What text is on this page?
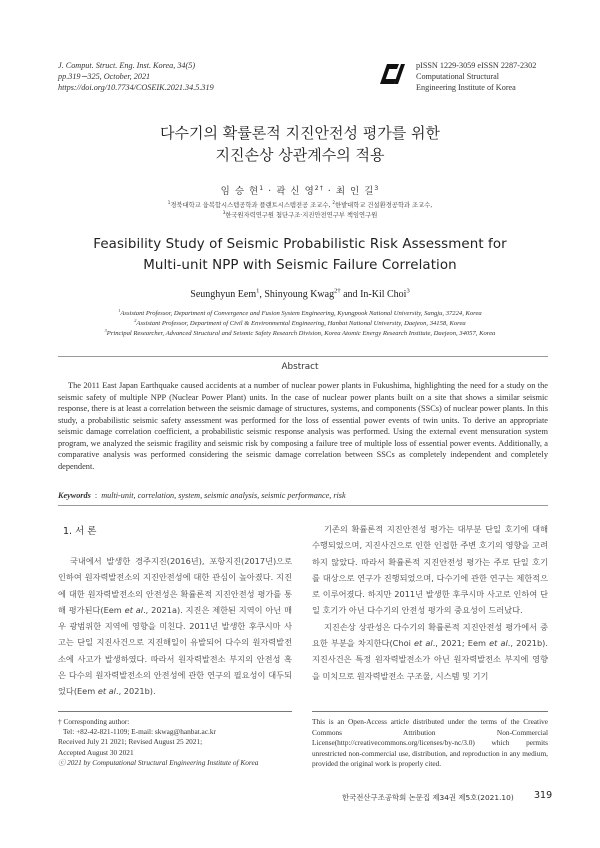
J. Comput. Struct. Eng. Inst. Korea, 34(5)
pp.319∼325, October, 2021
https://doi.org/10.7734/COSEIK.2021.34.5.319
pISSN 1229-3059 eISSN 2287-2302
Computational Structural
Engineering Institute of Korea
다수기의 확률론적 지진안전성 평가를 위한
지진손상 상관계수의 적용
임 승 현$^1$ · 곽 신 영$^{2\dagger}$ · 최 인 길$^3$
$^1$경북대학교 융복합시스템공학과 플랜트시스템전공 조교수, $^2$한밭대학교 건설환경공학과 조교수,
$^3$한국원자력연구원 첨단구조·지진안전연구부 책임연구원
Feasibility Study of Seismic Probabilistic Risk Assessment for
Multi-unit NPP with Seismic Failure Correlation
Seunghyun Eem$^1$, Shinyoung Kwag$^{2\dagger}$ and In-Kil Choi$^3$
$^1$Assistant Professor, Department of Convergence and Fusion System Engineering, Kyungpook National University, Sangju, 37224, Korea
$^2$Assistant Professor, Department of Civil & Environmental Engineering, Hanbat National University, Daejeon, 34158, Korea
$^3$Principal Researcher, Advanced Structural and Seismic Safety Research Division, Korea Atomic Energy Research Institute, Daejeon, 34057, Korea
Abstract
The 2011 East Japan Earthquake caused accidents at a number of nuclear power plants in Fukushima, highlighting the need for a study on the seismic safety of multiple NPP (Nuclear Power Plant) units. In the case of nuclear power plants built on a site that shows a similar seismic response, there is at least a correlation between the seismic damage of structures, systems, and components (SSCs) of nuclear power plants. In this study, a probabilistic seismic safety assessment was performed for the loss of essential power events of twin units. To derive an appropriate seismic damage correlation coefficient, a probabilistic seismic response analysis was performed. Using the external event mensuration system program, we analyzed the seismic fragility and seismic risk by composing a failure tree of multiple loss of essential power events. Additionally, a comparative analysis was performed considering the seismic damage correlation between SSCs as completely independent and completely dependent.
Keywords  :  multi-unit, correlation, system, seismic analysis, seismic performance, risk
1. 서 론

국내에서 발생한 경주지진(2016년), 포항지진(2017년)으로 인하여 원자력발전소의 지진안전성에 대한 관심이 높아졌다. 지진에 대한 원자력발전소의 안전성은 확률론적 지진안전성 평가를 통해 평가된다(Eem et al., 2021a). 지진은 제한된 지역이 아닌 매우 광범위한 지역에 영향을 미친다. 2011년 발생한 후쿠시마 사고는 단일 지진사건으로 지진해일이 유발되어 다수의 원자력발전소에 사고가 발생하였다. 따라서 원자력발전소 부지의 안전성 혹은 다수의 원자력발전소의 안전성에 관한 연구의 필요성이 대두되었다(Eem et al., 2021b).

기존의 확률론적 지진안전성 평가는 대부분 단일 호기에 대해 수행되었으며, 지진사건으로 인한 인접한 주변 호기의 영향을 고려하지 않았다. 따라서 확률론적 지진안전성 평가는 주로 단일 호기를 대상으로 연구가 진행되었으며, 다수기에 관한 연구는 제한적으로 이루어졌다. 하지만 2011년 발생한 후쿠시마 사고로 인하여 단일 호기가 아닌 다수기의 안전성 평가의 중요성이 드러났다.

지진손상 상관성은 다수기의 확률론적 지진안전성 평가에서 중요한 부분을 차지한다(Choi et al., 2021; Eem et al., 2021b). 지진사건은 특정 원자력발전소가 아닌 원자력발전소 부지에 영향을 미치므로 원자력발전소 구조물, 시스템 및 기기

† Corresponding author:
Tel: +82-42-821-1109; E-mail: skwag@hanbat.ac.kr
Received July 21 2021; Revised August 25 2021;
Accepted August 30 2021
ⓒ 2021 by Computational Structural Engineering Institute of Korea
This is an Open-Access article distributed under the terms of the Creative Commons Attribution Non-Commercial License(http://creativecommons.org/licenses/by-nc/3.0) which permits unrestricted non-commercial use, distribution, and reproduction in any medium, provided the original work is properly cited.
한국전산구조공학회 논문집 제34권 제5호(2021.10) 319
